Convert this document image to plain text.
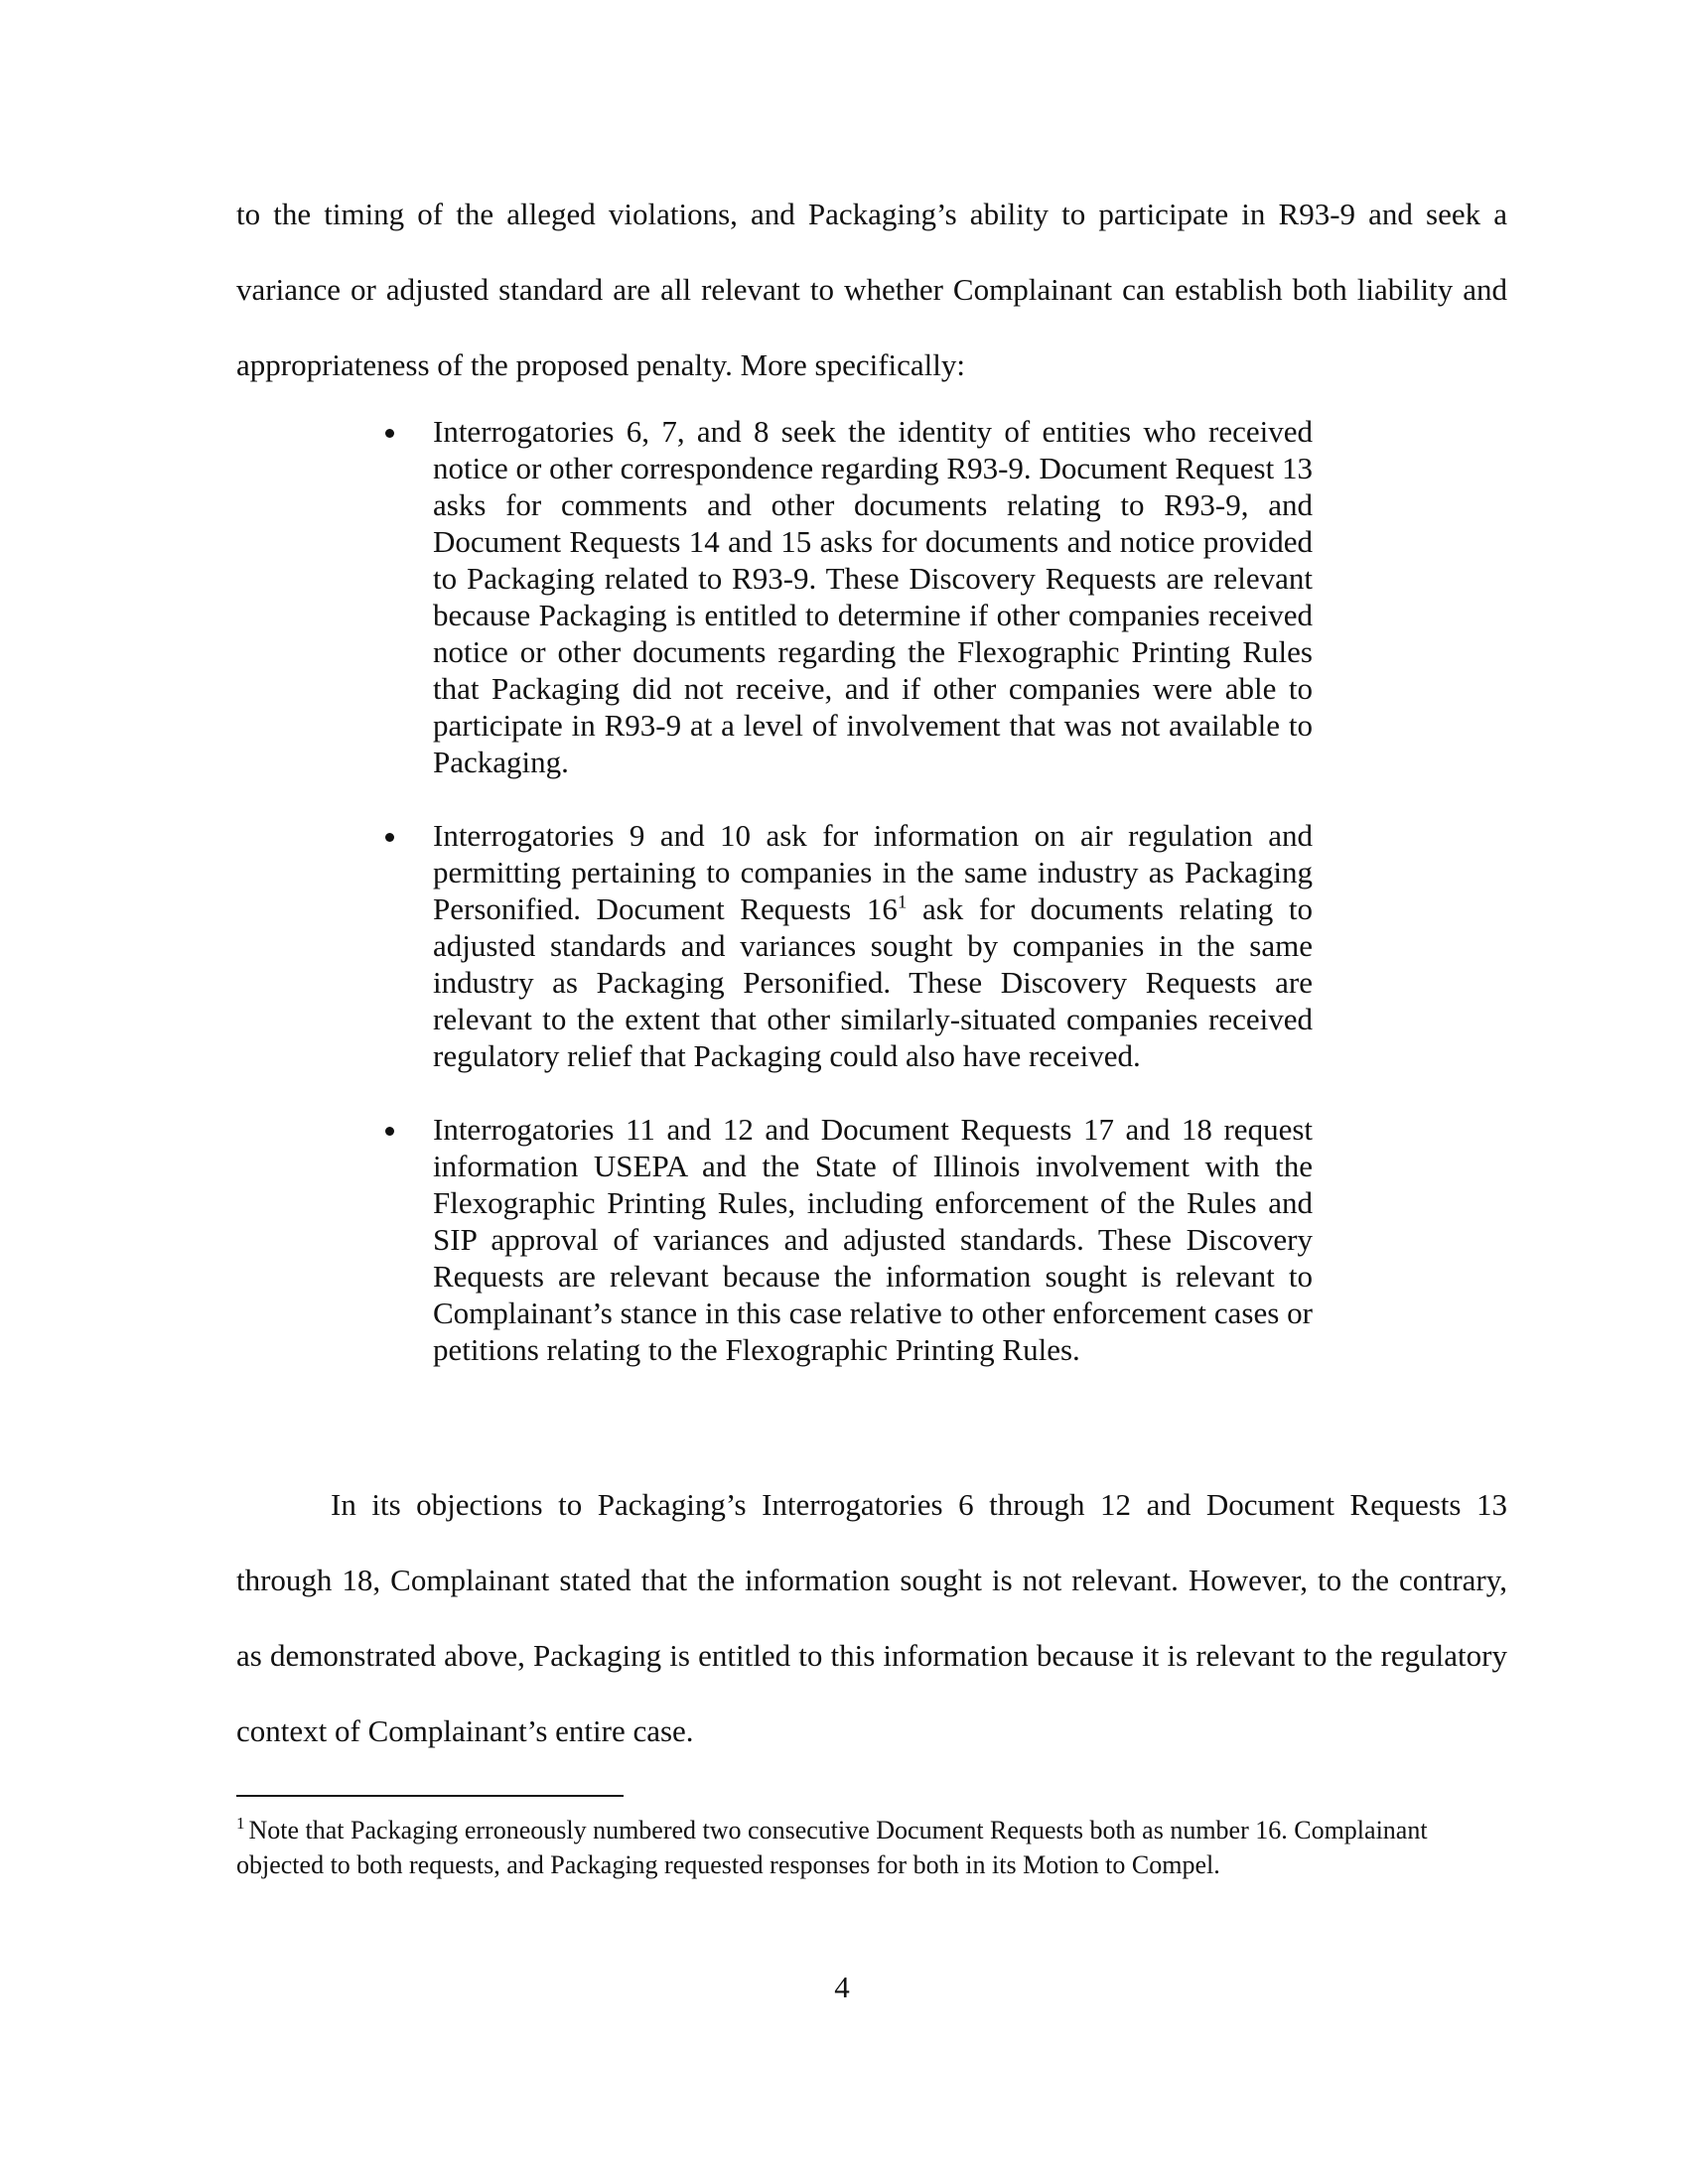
to the timing of the alleged violations, and Packaging’s ability to participate in R93-9 and seek a variance or adjusted standard are all relevant to whether Complainant can establish both liability and appropriateness of the proposed penalty. More specifically:

Interrogatories 6, 7, and 8 seek the identity of entities who received notice or other correspondence regarding R93-9. Document Request 13 asks for comments and other documents relating to R93-9, and Document Requests 14 and 15 asks for documents and notice provided to Packaging related to R93-9. These Discovery Requests are relevant because Packaging is entitled to determine if other companies received notice or other documents regarding the Flexographic Printing Rules that Packaging did not receive, and if other companies were able to participate in R93-9 at a level of involvement that was not available to Packaging.
Interrogatories 9 and 10 ask for information on air regulation and permitting pertaining to companies in the same industry as Packaging Personified. Document Requests $16^1$ ask for documents relating to adjusted standards and variances sought by companies in the same industry as Packaging Personified. These Discovery Requests are relevant to the extent that other similarly-situated companies received regulatory relief that Packaging could also have received.
Interrogatories 11 and 12 and Document Requests 17 and 18 request information USEPA and the State of Illinois involvement with the Flexographic Printing Rules, including enforcement of the Rules and SIP approval of variances and adjusted standards. These Discovery Requests are relevant because the information sought is relevant to Complainant’s stance in this case relative to other enforcement cases or petitions relating to the Flexographic Printing Rules.

In its objections to Packaging’s Interrogatories 6 through 12 and Document Requests 13 through 18, Complainant stated that the information sought is not relevant. However, to the contrary, as demonstrated above, Packaging is entitled to this information because it is relevant to the regulatory context of Complainant’s entire case.

$^1$ Note that Packaging erroneously numbered two consecutive Document Requests both as number 16. Complainant objected to both requests, and Packaging requested responses for both in its Motion to Compel.

4
